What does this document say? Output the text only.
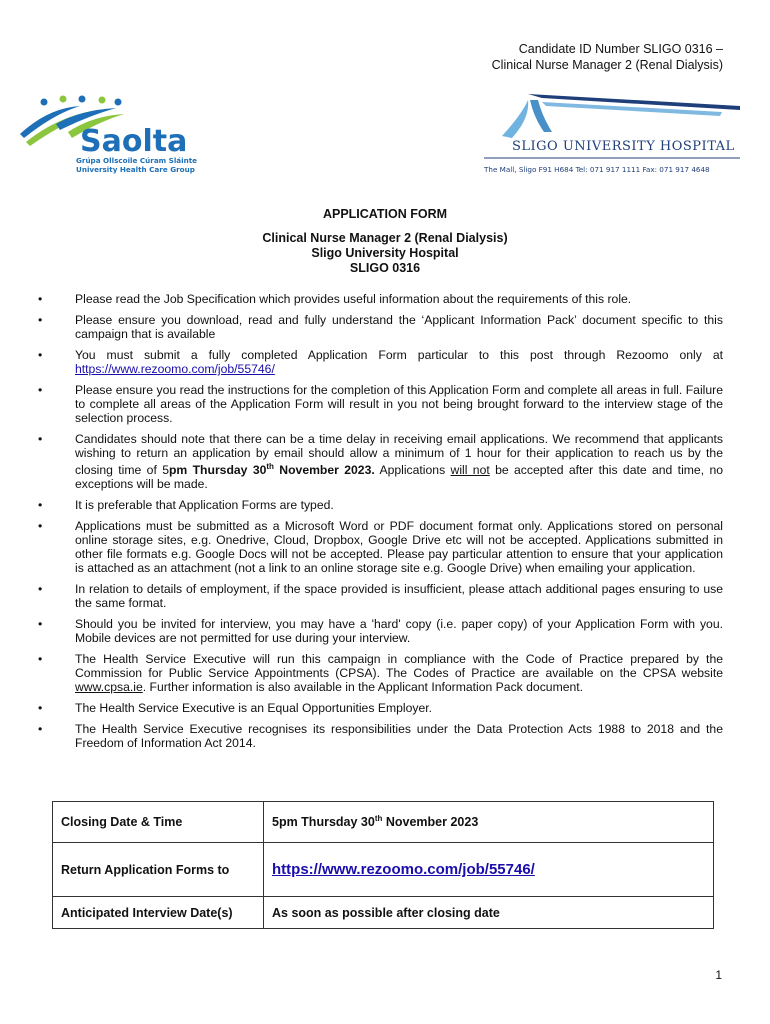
Candidate ID Number SLIGO 0316 –
Clinical Nurse Manager 2 (Renal Dialysis)
Saolta
Grúpa Ollscoile Cúram Sláinte
University Health Care Group
SLIGO UNIVERSITY HOSPITAL
The Mall, Sligo F91 H684 Tel: 071 917 1111 Fax: 071 917 4648
APPLICATION FORM
Clinical Nurse Manager 2 (Renal Dialysis)
Sligo University Hospital
SLIGO 0316
•	Please read the Job Specification which provides useful information about the requirements of this role.
•	Please ensure you download, read and fully understand the ‘Applicant Information Pack’ document specific to this campaign that is available
•	You must submit a fully completed Application Form particular to this post through Rezoomo only at https://www.rezoomo.com/job/55746/
•	Please ensure you read the instructions for the completion of this Application Form and complete all areas in full. Failure to complete all areas of the Application Form will result in you not being brought forward to the interview stage of the selection process.
•	Candidates should note that there can be a time delay in receiving email applications. We recommend that applicants wishing to return an application by email should allow a minimum of 1 hour for their application to reach us by the closing time of 5pm Thursday 30th November 2023. Applications will not be accepted after this date and time, no exceptions will be made.
•	It is preferable that Application Forms are typed.
•	Applications must be submitted as a Microsoft Word or PDF document format only. Applications stored on personal online storage sites, e.g. Onedrive, Cloud, Dropbox, Google Drive etc will not be accepted. Applications submitted in other file formats e.g. Google Docs will not be accepted. Please pay particular attention to ensure that your application is attached as an attachment (not a link to an online storage site e.g. Google Drive) when emailing your application.
•	In relation to details of employment, if the space provided is insufficient, please attach additional pages ensuring to use the same format.
•	Should you be invited for interview, you may have a 'hard' copy (i.e. paper copy) of your Application Form with you. Mobile devices are not permitted for use during your interview.
•	The Health Service Executive will run this campaign in compliance with the Code of Practice prepared by the Commission for Public Service Appointments (CPSA). The Codes of Practice are available on the CPSA website www.cpsa.ie. Further information is also available in the Applicant Information Pack document.
•	The Health Service Executive is an Equal Opportunities Employer.
•	The Health Service Executive recognises its responsibilities under the Data Protection Acts 1988 to 2018 and the Freedom of Information Act 2014.
Closing Date & Time	5pm Thursday 30th November 2023
Return Application Forms to	https://www.rezoomo.com/job/55746/
Anticipated Interview Date(s)	As soon as possible after closing date
1
